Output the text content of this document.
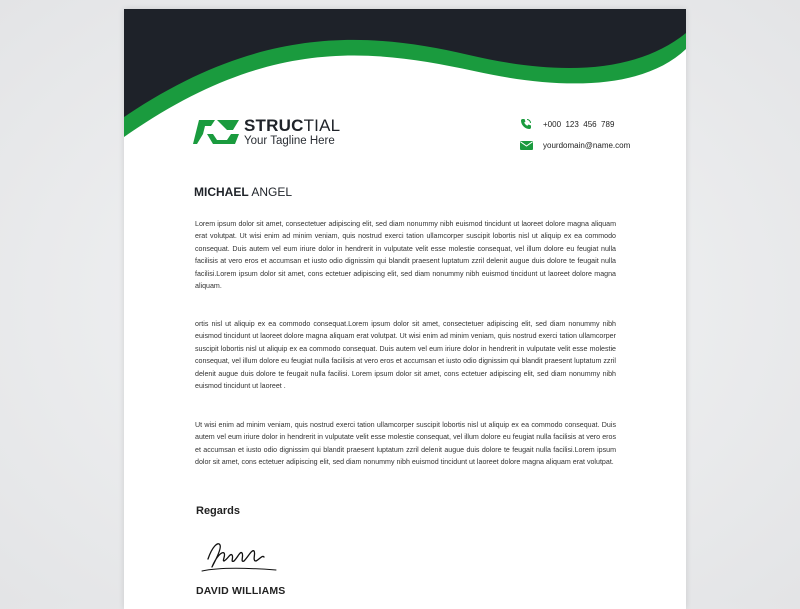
STRUCTIAL
Your Tagline Here
+000  123  456  789
yourdomain@name.com
MICHAEL ANGEL

Lorem ipsum dolor sit amet, consectetuer adipiscing elit, sed diam nonummy nibh euismod tincidunt ut laoreet dolore magna aliquam erat volutpat. Ut wisi enim ad minim veniam, quis nostrud exerci tation ullamcorper suscipit lobortis nisl ut aliquip ex ea commodo consequat. Duis autem vel eum iriure dolor in hendrerit in vulputate velit esse molestie consequat, vel illum dolore eu feugiat nulla facilisis at vero eros et accumsan et iusto odio dignissim qui blandit praesent luptatum zzril delenit augue duis dolore te feugait nulla facilisi.Lorem ipsum dolor sit amet, cons ectetuer adipiscing elit, sed diam nonummy nibh euismod tincidunt ut laoreet dolore magna aliquam.

ortis nisl ut aliquip ex ea commodo consequat.Lorem ipsum dolor sit amet, consectetuer adipiscing elit, sed diam nonummy nibh euismod tincidunt ut laoreet dolore magna aliquam erat volutpat. Ut wisi enim ad minim veniam, quis nostrud exerci tation ullamcorper suscipit lobortis nisl ut aliquip ex ea commodo consequat. Duis autem vel eum iriure dolor in hendrerit in vulputate velit esse molestie consequat, vel illum dolore eu feugiat nulla facilisis at vero eros et accumsan et iusto odio dignissim qui blandit praesent luptatum zzril delenit augue duis dolore te feugait nulla facilisi. Lorem ipsum dolor sit amet, cons ectetuer adipiscing elit, sed diam nonummy nibh euismod tincidunt ut laoreet .

Ut wisi enim ad minim veniam, quis nostrud exerci tation ullamcorper suscipit lobortis nisl ut aliquip ex ea commodo consequat. Duis autem vel eum iriure dolor in hendrerit in vulputate velit esse molestie consequat, vel illum dolore eu feugiat nulla facilisis at vero eros et accumsan et iusto odio dignissim qui blandit praesent luptatum zzril delenit augue duis dolore te feugait nulla facilisi.Lorem ipsum dolor sit amet, cons ectetuer adipiscing elit, sed diam nonummy nibh euismod tincidunt ut laoreet dolore magna aliquam erat volutpat.

Regards
DAVID WILLIAMS
